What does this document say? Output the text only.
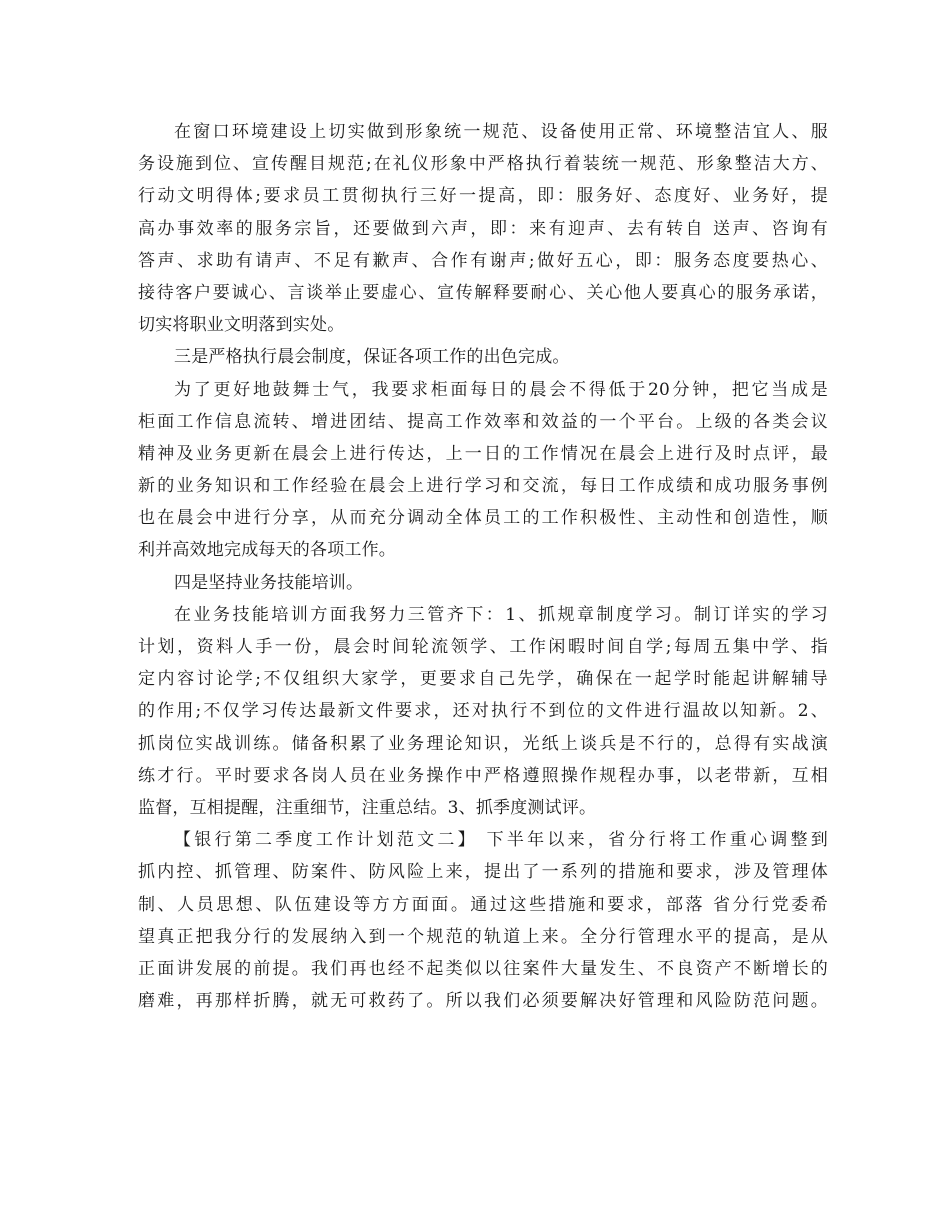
在窗口环境建设上切实做到形象统一规范、设备使用正常、环境整洁宜人、服
务设施到位、宣传醒目规范;在礼仪形象中严格执行着装统一规范、形象整洁大方、
行动文明得体;要求员工贯彻执行三好一提高，即：服务好、态度好、业务好，提
高办事效率的服务宗旨，还要做到六声，即：来有迎声、去有转自 送声、咨询有
答声、求助有请声、不足有歉声、合作有谢声;做好五心，即：服务态度要热心、
接待客户要诚心、言谈举止要虚心、宣传解释要耐心、关心他人要真心的服务承诺，
切实将职业文明落到实处。
三是严格执行晨会制度，保证各项工作的出色完成。
为了更好地鼓舞士气，我要求柜面每日的晨会不得低于20分钟，把它当成是
柜面工作信息流转、增进团结、提高工作效率和效益的一个平台。上级的各类会议
精神及业务更新在晨会上进行传达，上一日的工作情况在晨会上进行及时点评，最
新的业务知识和工作经验在晨会上进行学习和交流，每日工作成绩和成功服务事例
也在晨会中进行分享，从而充分调动全体员工的工作积极性、主动性和创造性，顺
利并高效地完成每天的各项工作。
四是坚持业务技能培训。
在业务技能培训方面我努力三管齐下：1、抓规章制度学习。制订详实的学习
计划，资料人手一份，晨会时间轮流领学、工作闲暇时间自学;每周五集中学、指
定内容讨论学;不仅组织大家学，更要求自己先学，确保在一起学时能起讲解辅导
的作用;不仅学习传达最新文件要求，还对执行不到位的文件进行温故以知新。2、
抓岗位实战训练。储备积累了业务理论知识，光纸上谈兵是不行的，总得有实战演
练才行。平时要求各岗人员在业务操作中严格遵照操作规程办事，以老带新，互相
监督，互相提醒，注重细节，注重总结。3、抓季度测试评。
【银行第二季度工作计划范文二】 下半年以来，省分行将工作重心调整到
抓内控、抓管理、防案件、防风险上来，提出了一系列的措施和要求，涉及管理体
制、人员思想、队伍建设等方方面面。通过这些措施和要求，部落 省分行党委希
望真正把我分行的发展纳入到一个规范的轨道上来。全分行管理水平的提高，是从
正面讲发展的前提。我们再也经不起类似以往案件大量发生、不良资产不断增长的
磨难，再那样折腾，就无可救药了。所以我们必须要解决好管理和风险防范问题。
